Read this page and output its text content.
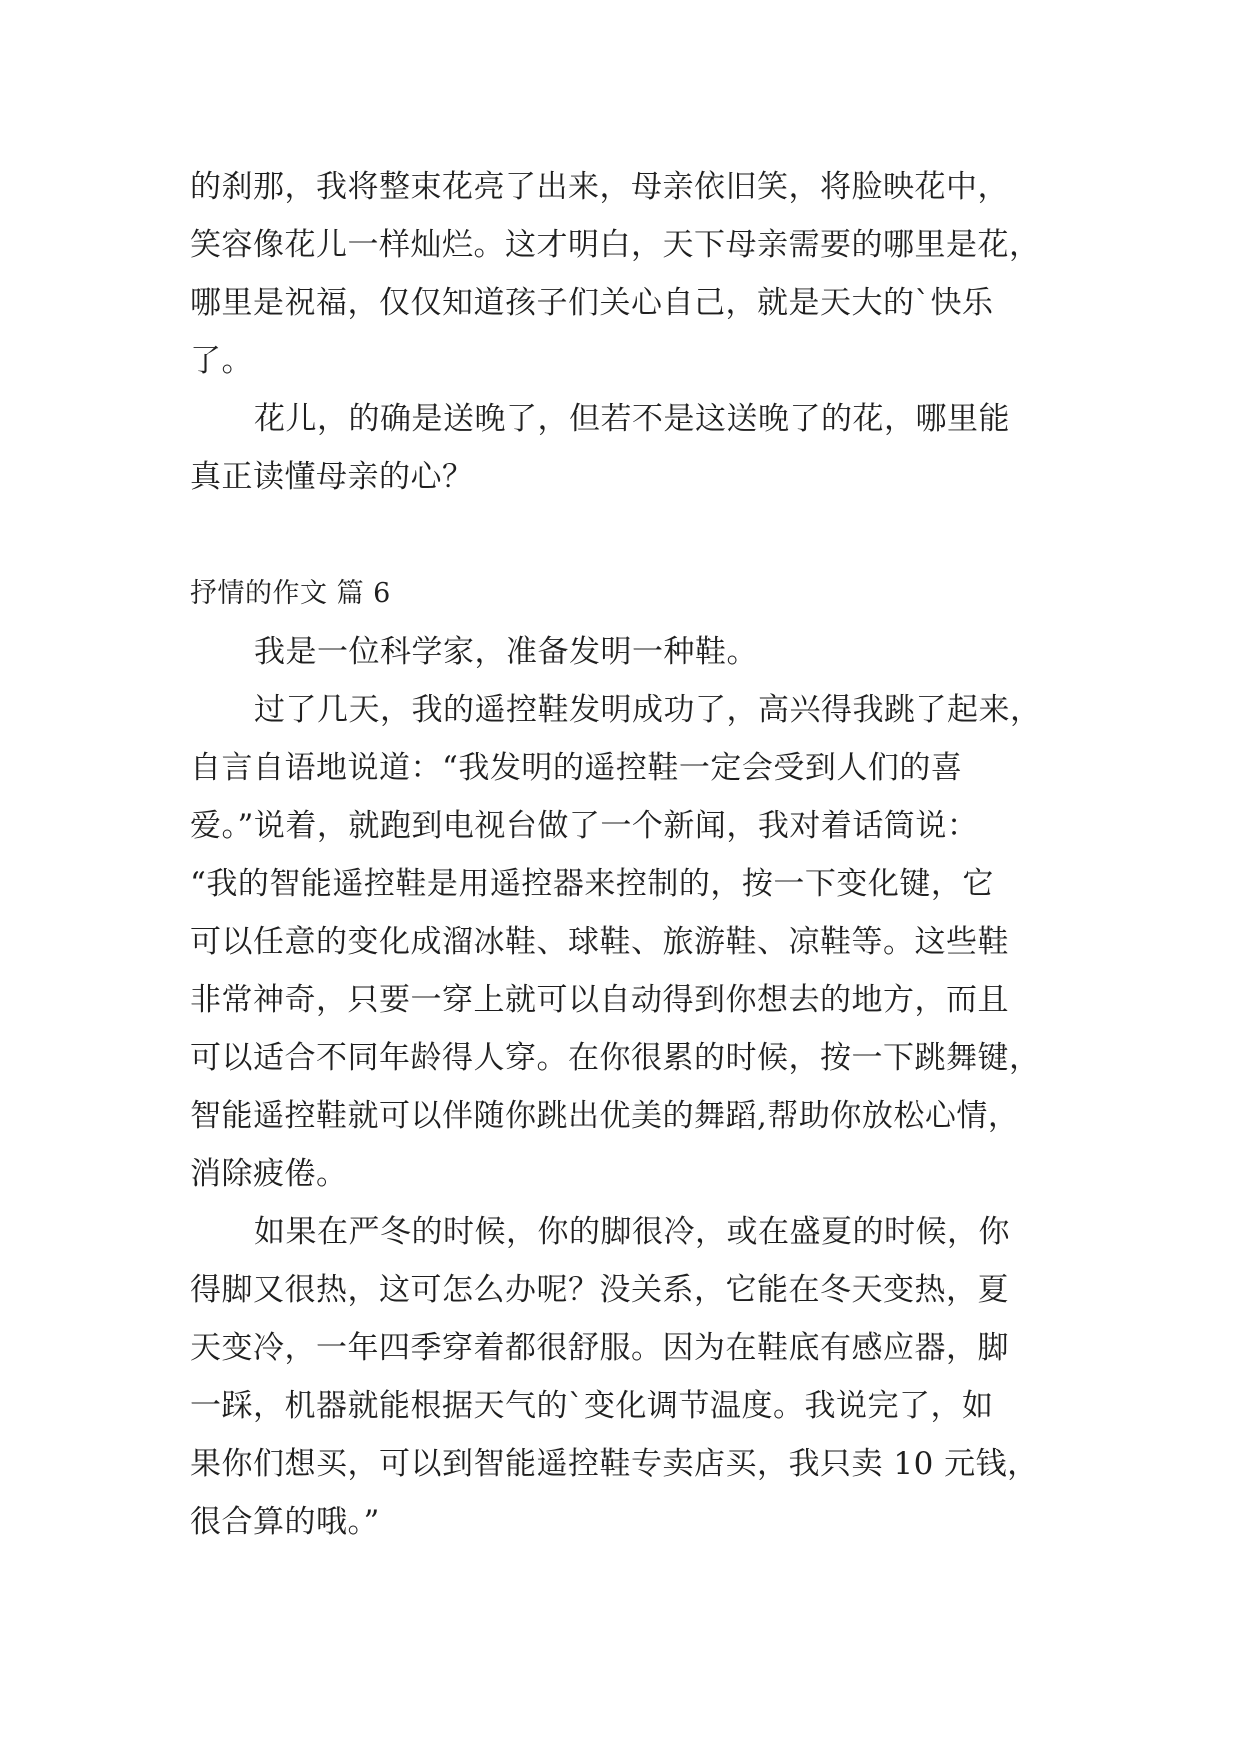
的刹那，我将整束花亮了出来，母亲依旧笑，将脸映花中，
笑容像花儿一样灿烂。这才明白，天下母亲需要的哪里是花，
哪里是祝福，仅仅知道孩子们关心自己，就是天大的`快乐
了。
花儿，的确是送晚了，但若不是这送晚了的花，哪里能
真正读懂母亲的心？
抒情的作文 篇 6
我是一位科学家，准备发明一种鞋。
过了几天，我的遥控鞋发明成功了，高兴得我跳了起来，
自言自语地说道：“我发明的遥控鞋一定会受到人们的喜
爱。”说着，就跑到电视台做了一个新闻，我对着话筒说：
“我的智能遥控鞋是用遥控器来控制的，按一下变化键，它
可以任意的变化成溜冰鞋、球鞋、旅游鞋、凉鞋等。这些鞋
非常神奇，只要一穿上就可以自动得到你想去的地方，而且
可以适合不同年龄得人穿。在你很累的时候，按一下跳舞键，
智能遥控鞋就可以伴随你跳出优美的舞蹈,帮助你放松心情，
消除疲倦。
如果在严冬的时候，你的脚很冷，或在盛夏的时候，你
得脚又很热，这可怎么办呢？没关系，它能在冬天变热，夏
天变冷，一年四季穿着都很舒服。因为在鞋底有感应器，脚
一踩，机器就能根据天气的`变化调节温度。我说完了，如
果你们想买，可以到智能遥控鞋专卖店买，我只卖 10 元钱，
很合算的哦。”
